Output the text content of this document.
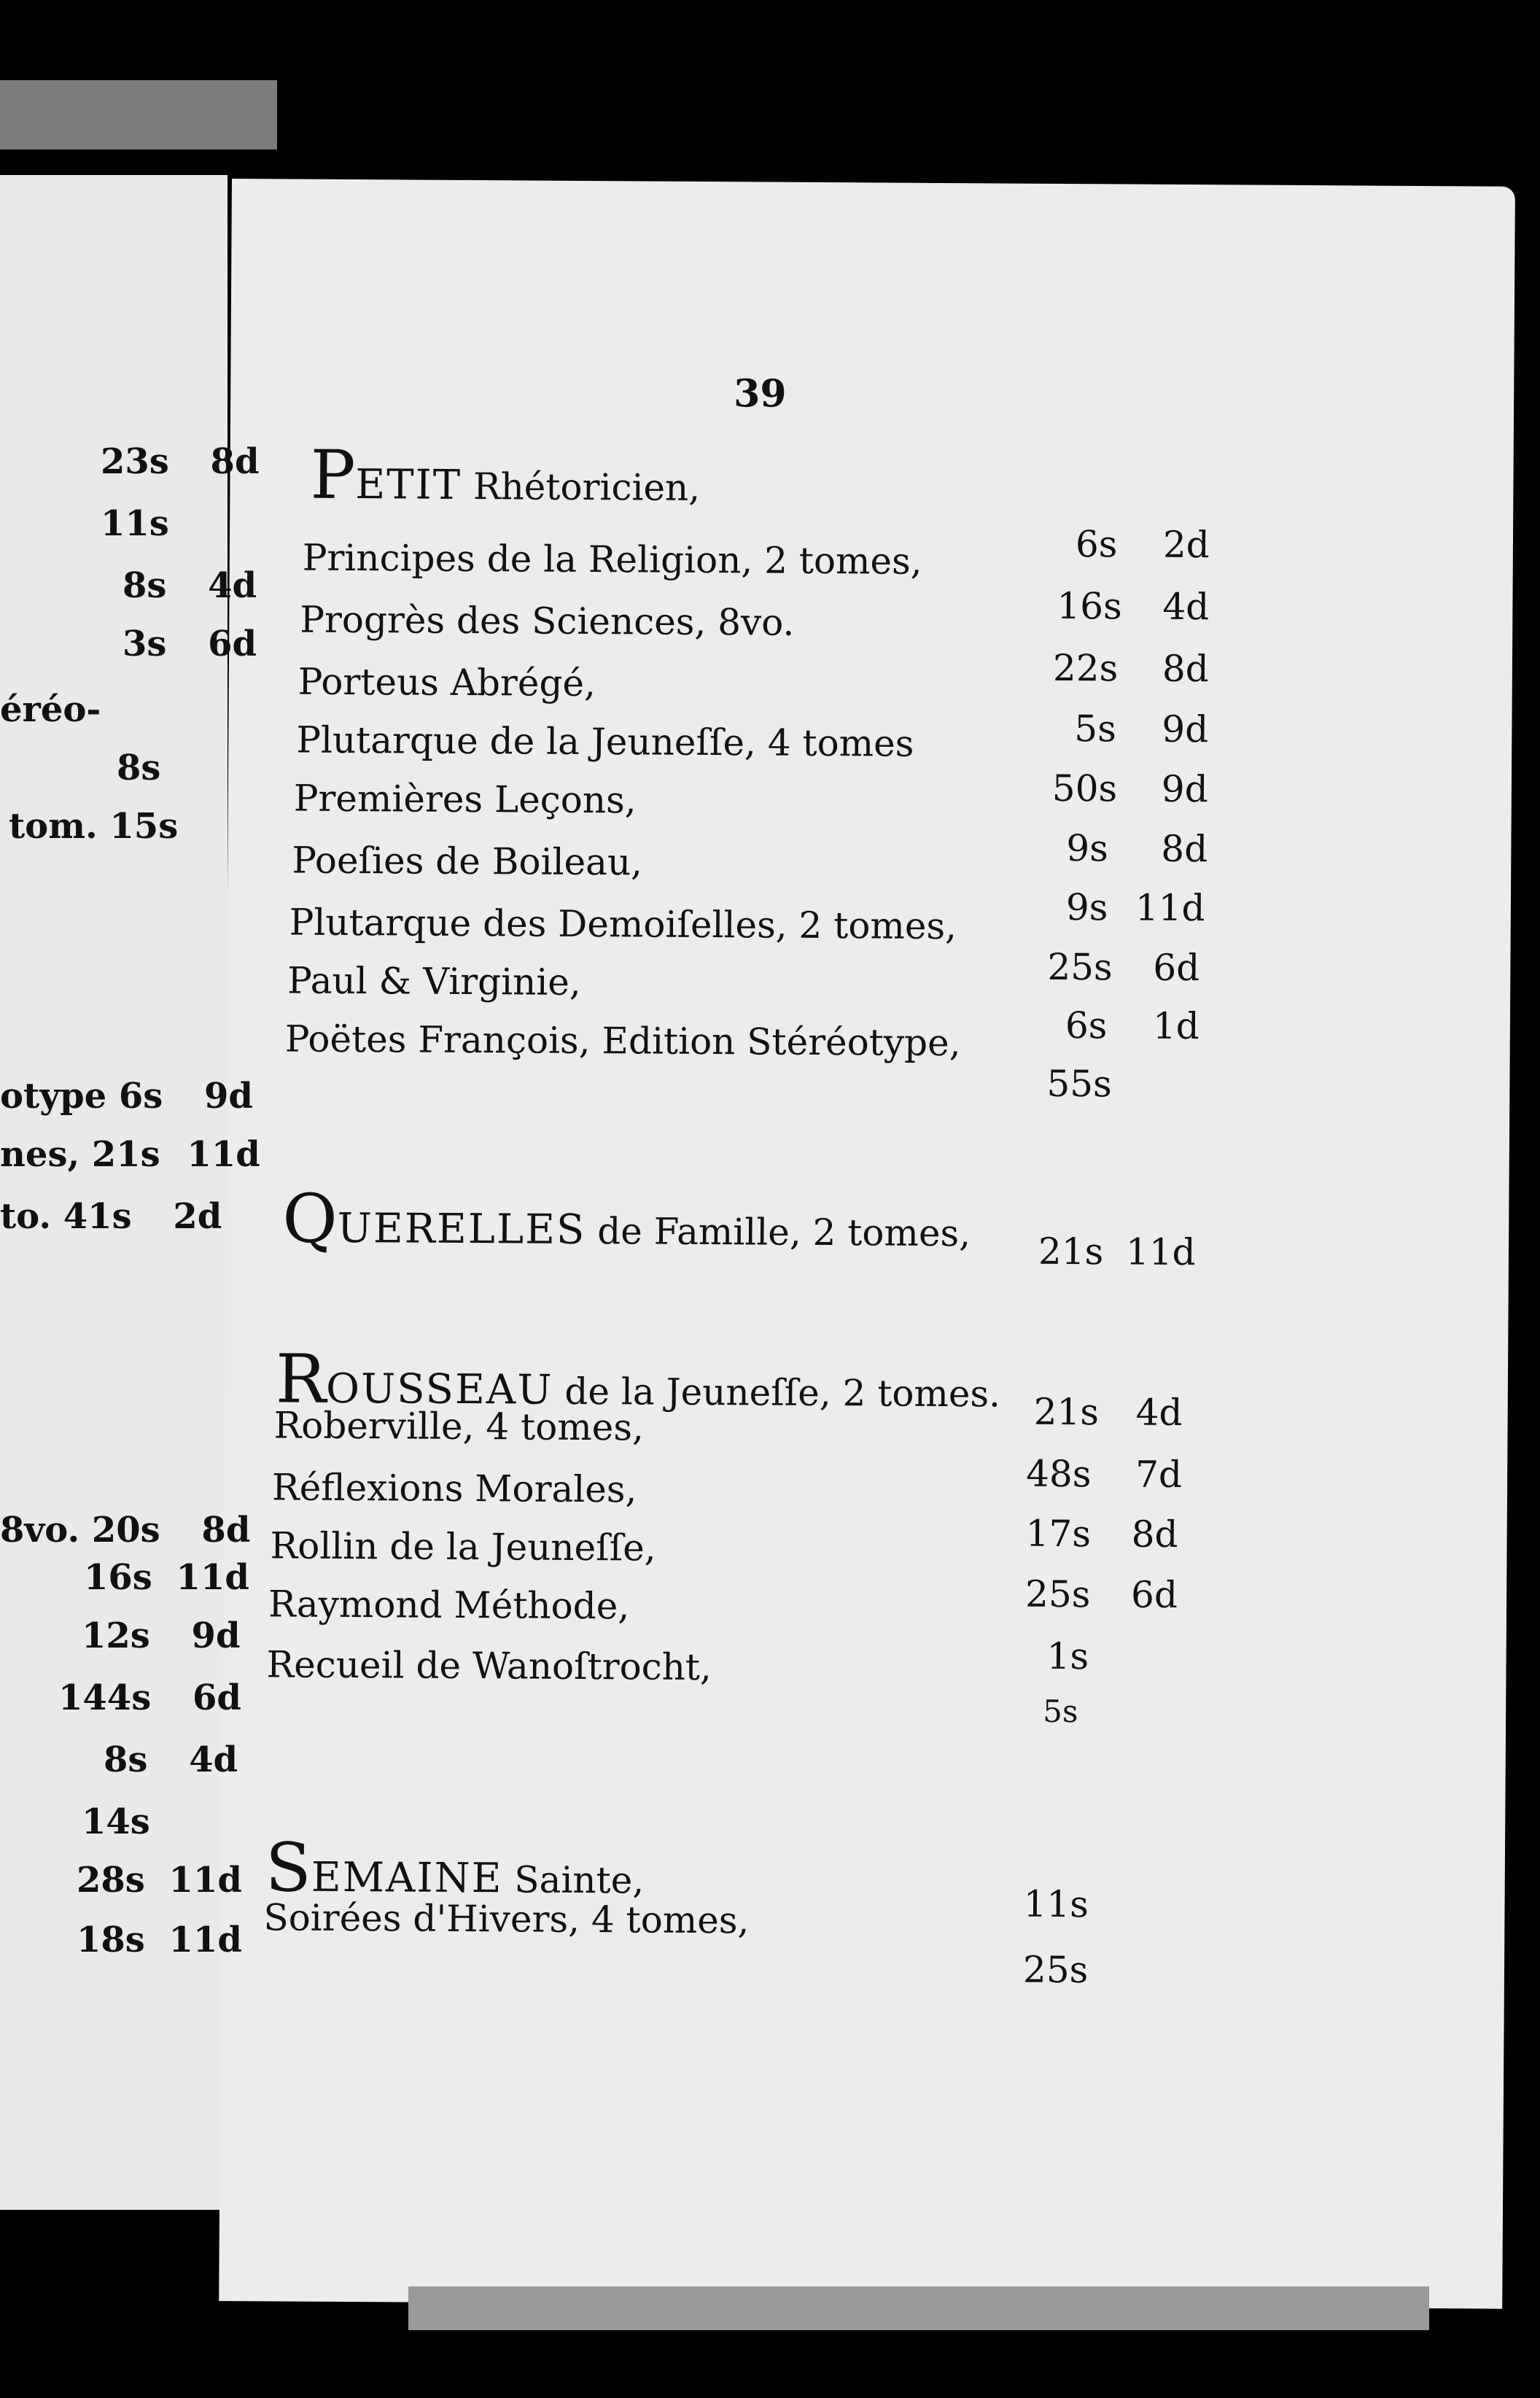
39
PETIT Rhétoricien,
6s 2d
Principes de la Religion, 2 tomes,
16s 4d
Progrès des Sciences, 8vo.
22s 8d
Porteus Abrégé,
5s 9d
Plutarque de la Jeuneſſe, 4 tomes
50s 9d
Premières Leçons,
9s 8d
Poeſies de Boileau,
9s 11d
Plutarque des Demoiſelles, 2 tomes,
25s 6d
Paul & Virginie,
6s 1d
Poëtes François, Edition Stéréotype,
55s
QUERELLES de Famille, 2 tomes, 21s 11d
ROUSSEAU de la Jeuneſſe, 2 tomes. 21s 4d
Roberville, 4 tomes,
48s 7d
Réflexions Morales,
17s 8d
Rollin de la Jeuneſſe,
25s 6d
Raymond Méthode,
1s
Recueil de Wanoſtrocht,
5s
SEMAINE Sainte,
11s
Soirées d'Hivers, 4 tomes,
25s
23s 8d
11s
8s 4d
3s 6d
éréo-
8s
tom. 15s
otype 6s 9d
nes, 21s 11d
to. 41s 2d
8vo. 20s 8d
16s 11d
12s 9d
144s 6d
8s 4d
14s
28s 11d
18s 11d
